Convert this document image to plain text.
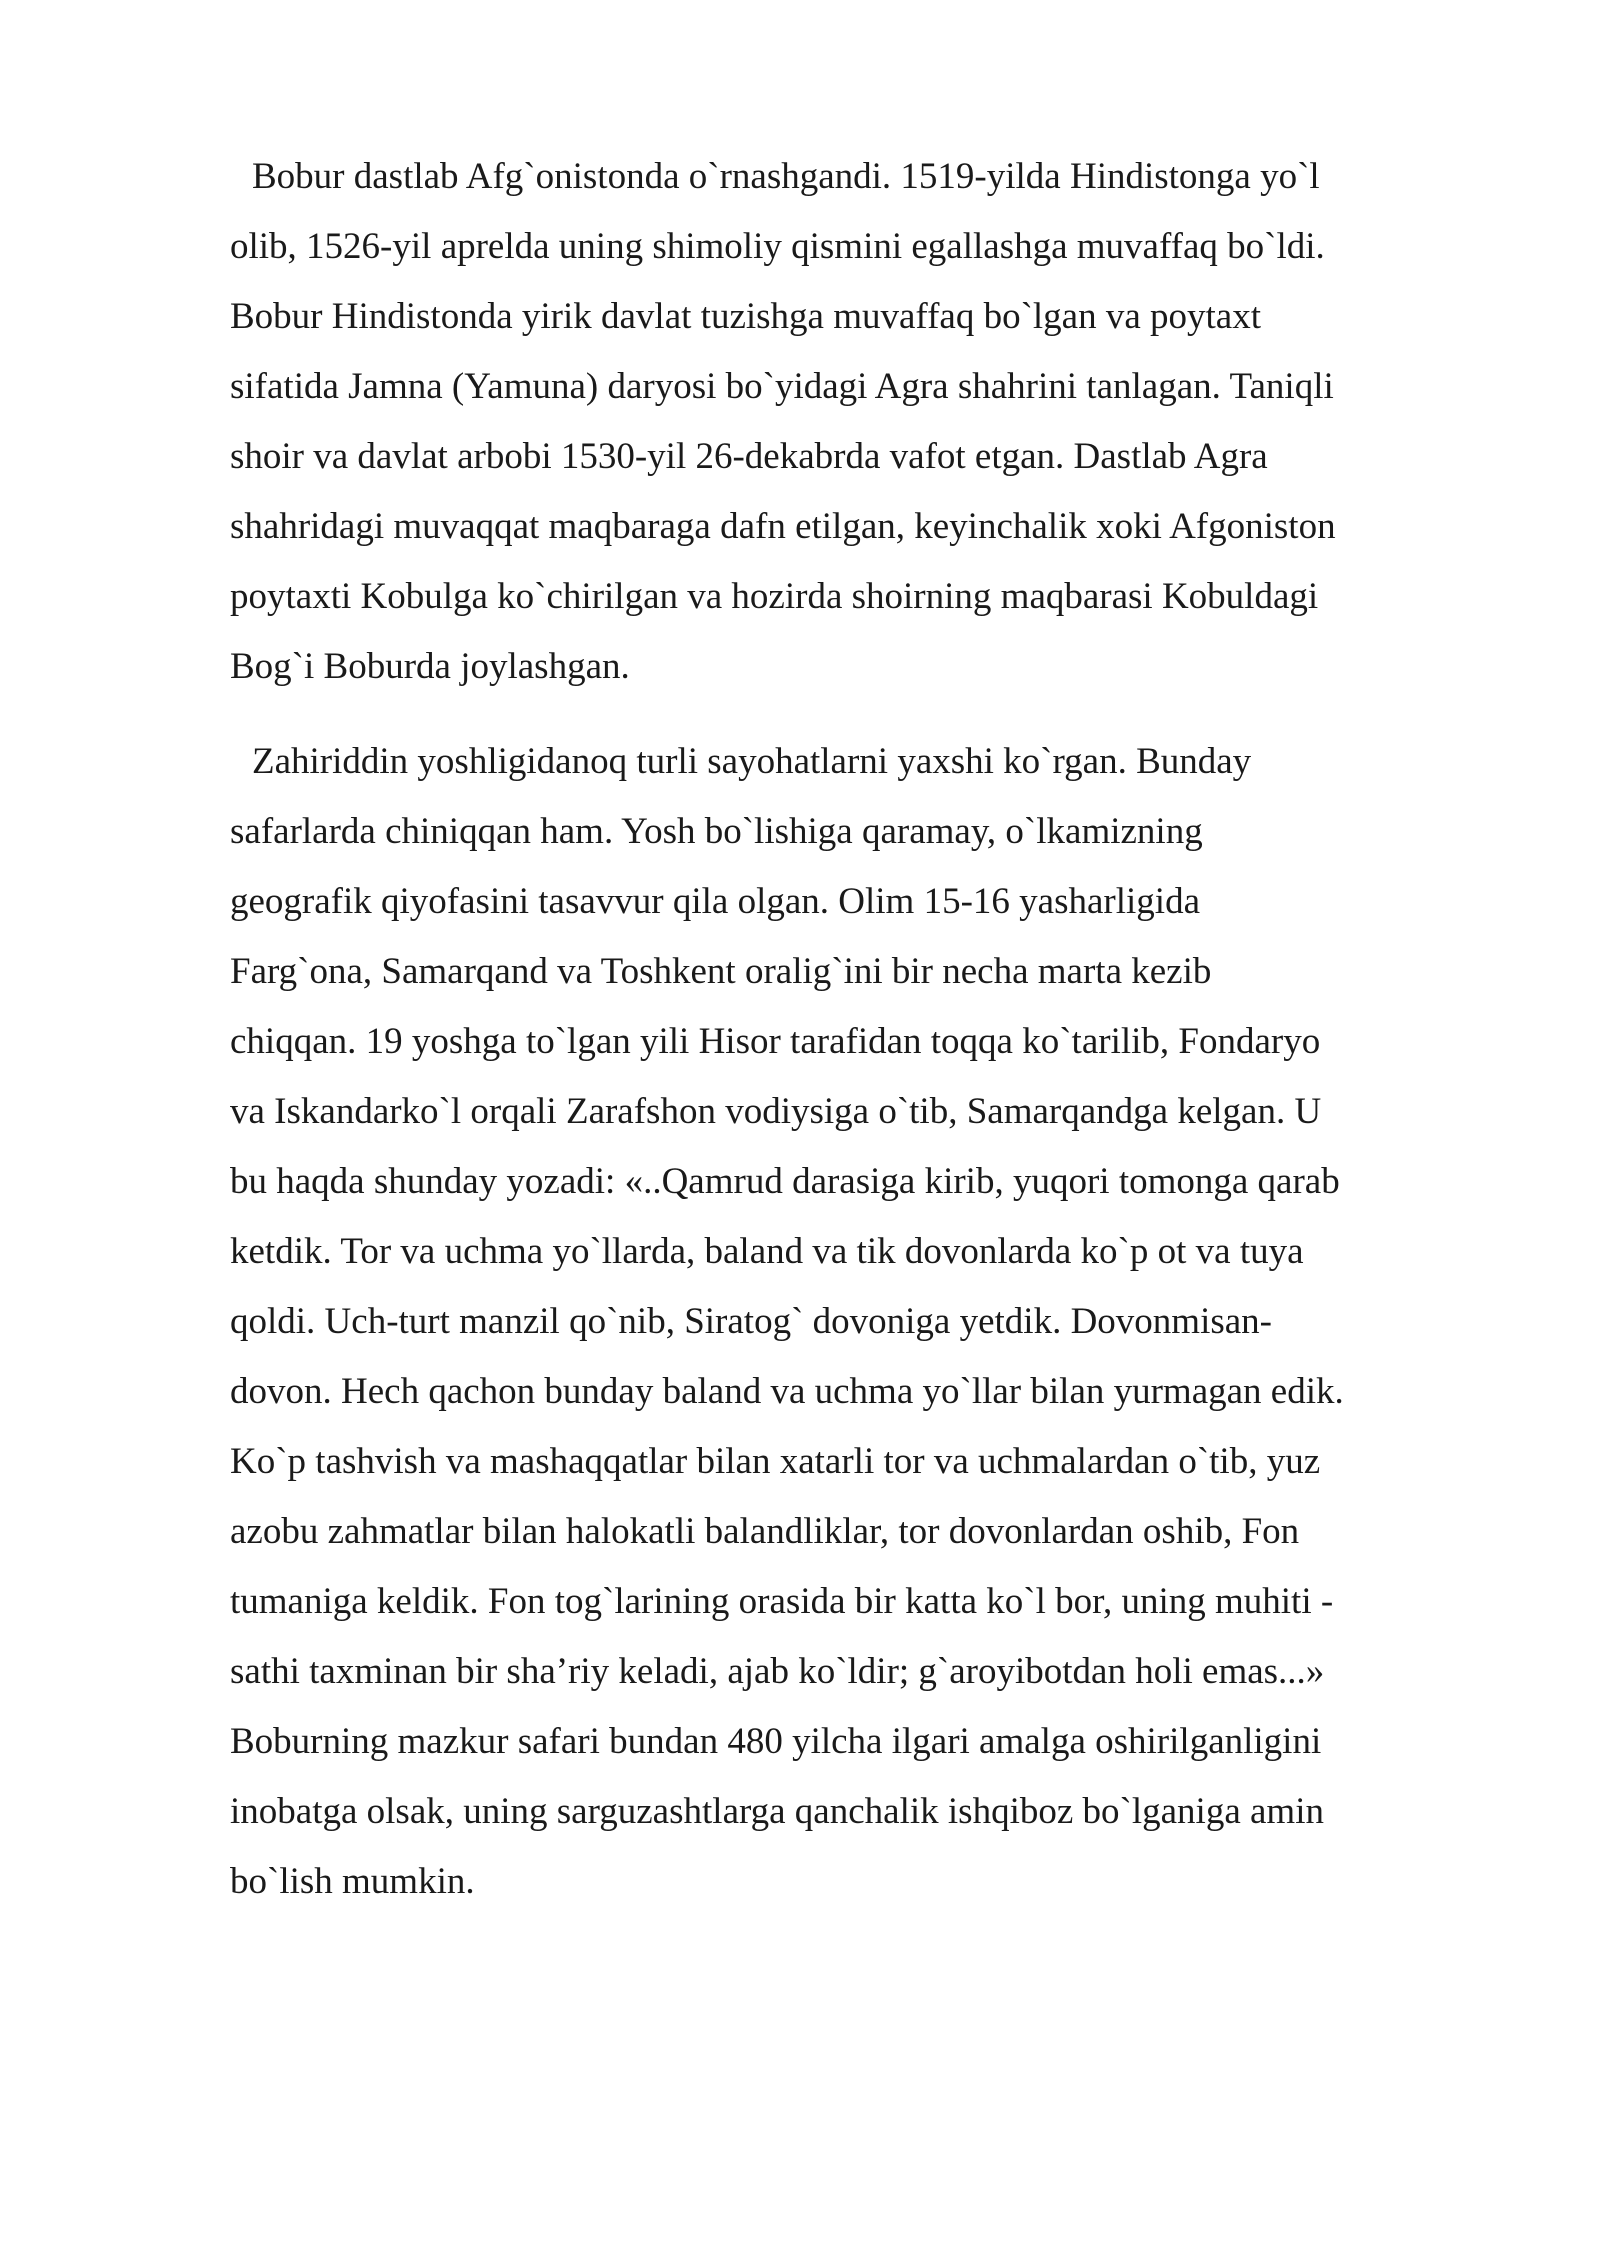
Bobur dastlab Afg`onistonda o`rnashgandi. 1519-yilda Hindistonga yo`l
olib, 1526-yil aprelda uning shimoliy qismini egallashga muvaffaq bo`ldi.
Bobur Hindistonda yirik davlat tuzishga muvaffaq bo`lgan va poytaxt
sifatida Jamna (Yamuna) daryosi bo`yidagi Agra shahrini tanlagan. Taniqli
shoir va davlat arbobi 1530-yil 26-dekabrda vafot etgan. Dastlab Agra
shahridagi muvaqqat maqbaraga dafn etilgan, keyinchalik xoki Afgoniston
poytaxti Kobulga ko`chirilgan va hozirda shoirning maqbarasi Kobuldagi
Bog`i Boburda joylashgan.
Zahiriddin yoshligidanoq turli sayohatlarni yaxshi ko`rgan. Bunday
safarlarda chiniqqan ham. Yosh bo`lishiga qaramay, o`lkamizning
geografik qiyofasini tasavvur qila olgan. Olim 15-16 yasharligida
Farg`ona, Samarqand va Toshkent oralig`ini bir necha marta kezib
chiqqan. 19 yoshga to`lgan yili Hisor tarafidan toqqa ko`tarilib, Fondaryo
va Iskandarko`l orqali Zarafshon vodiysiga o`tib, Samarqandga kelgan. U
bu haqda shunday yozadi: «..Qamrud darasiga kirib, yuqori tomonga qarab
ketdik. Tor va uchma yo`llarda, baland va tik dovonlarda ko`p ot va tuya
qoldi. Uch-turt manzil qo`nib, Siratog` dovoniga yetdik. Dovonmisan-
dovon. Hech qachon bunday baland va uchma yo`llar bilan yurmagan edik.
Ko`p tashvish va mashaqqatlar bilan xatarli tor va uchmalardan o`tib, yuz
azobu zahmatlar bilan halokatli balandliklar, tor dovonlardan oshib, Fon
tumaniga keldik. Fon tog`larining orasida bir katta ko`l bor, uning muhiti -
sathi taxminan bir sha’riy keladi, ajab ko`ldir; g`aroyibotdan holi emas...»
Boburning mazkur safari bundan 480 yilcha ilgari amalga oshirilganligini
inobatga olsak, uning sarguzashtlarga qanchalik ishqiboz bo`lganiga amin
bo`lish mumkin.
